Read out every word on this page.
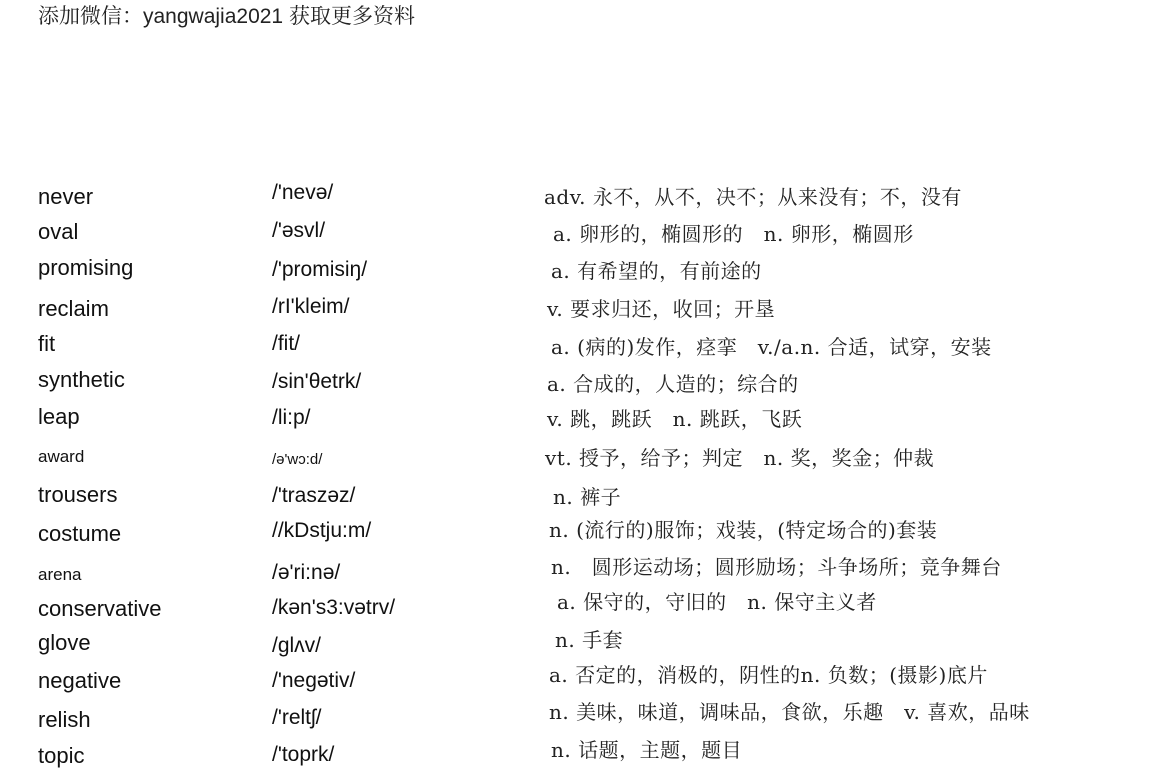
添加微信：yangwajia2021 获取更多资料
never	/'nevə/	adv. 永不，从不，决不；从来没有；不，没有
oval	/'əsvl/	a. 卵形的，椭圆形的　n. 卵形，椭圆形
promising	/'promisiŋ/	a. 有希望的，有前途的
reclaim	/rI'kleim/	v. 要求归还，收回；开垦
fit	/fit/	a. (病的)发作，痉挛　v./a.n. 合适，试穿，安装
synthetic	/sin'θetrk/	a. 合成的，人造的；综合的
leap	/li:p/	v. 跳，跳跃　n. 跳跃，飞跃
award	/ə'wɔ:d/	vt. 授予，给予；判定　n. 奖，奖金；仲裁
trousers	/'traszəz/	n. 裤子
costume	//kDstju:m/	n. (流行的)服饰；戏装，(特定场合的)套装
arena	/ə'ri:nə/	n.　圆形运动场；圆形励场；斗争场所；竞争舞台
conservative	/kən's3:vətrv/	a. 保守的，守旧的　n. 保守主义者
glove	/glʌv/	n. 手套
negative	/'negətiv/	a. 否定的，消极的，阴性的n. 负数；(摄影)底片
relish	/'reltʃ/	n. 美味，味道，调味品，食欲，乐趣　v. 喜欢，品味
topic	/'toprk/	n. 话题，主题，题目
